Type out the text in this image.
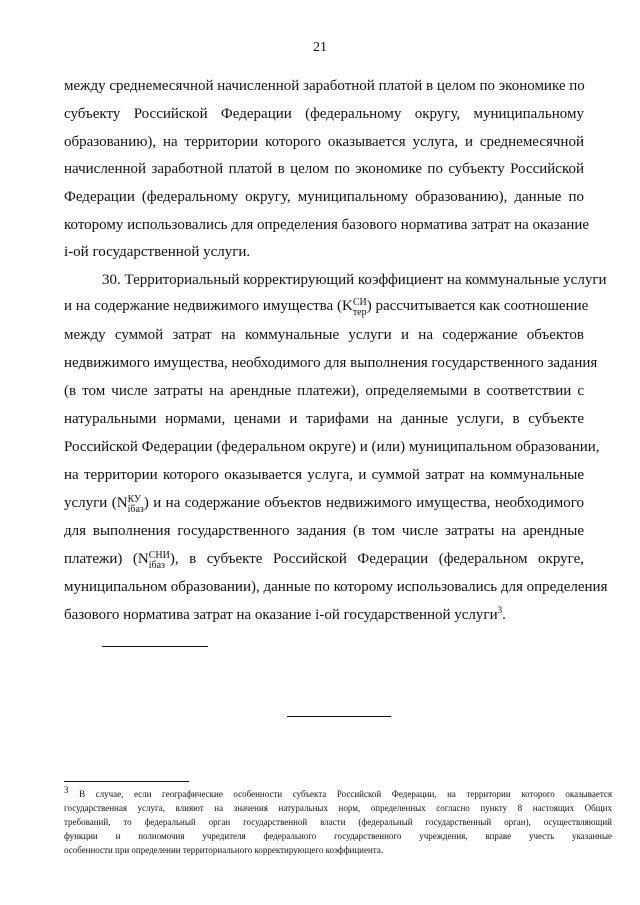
21
между среднемесячной начисленной заработной платой в целом по экономике по
субъекту Российской Федерации (федеральному округу, муниципальному
образованию), на территории которого оказывается услуга, и среднемесячной
начисленной заработной платой в целом по экономике по субъекту Российской
Федерации (федеральному округу, муниципальному образованию), данные по
которому использовались для определения базового норматива затрат на оказание
i-ой государственной услуги.
30. Территориальный корректирующий коэффициент на коммунальные услуги
и на содержание недвижимого имущества (K СИ
тер ) рассчитывается как соотношение
между суммой затрат на коммунальные услуги и на содержание объектов
недвижимого имущества, необходимого для выполнения государственного задания
(в том числе затраты на арендные платежи), определяемыми в соответствии с
натуральными нормами, ценами и тарифами на данные услуги, в субъекте
Российской Федерации (федеральном округе) и (или) муниципальном образовании,
на территории которого оказывается услуга, и суммой затрат на коммунальные
услуги (N КУ
iбаз ) и на содержание объектов недвижимого имущества, необходимого
для выполнения государственного задания (в том числе затраты на арендные
платежи) (N СНИ
iбаз ), в субъекте Российской Федерации (федеральном округе,
муниципальном образовании), данные по которому использовались для определения
базового норматива затрат на оказание i-ой государственной услуги$^3$.
$^3$ В случае, если географические особенности субъекта Российской Федерации, на территории которого оказывается
государственная услуга, влияют на значения натуральных норм, определенных согласно пункту 8 настоящих Общих
требований, то федеральный орган государственной власти (федеральный государственный орган), осуществляющий
функции и полномочия учредителя федерального государственного учреждения, вправе учесть указанные
особенности при определении территориального корректирующего коэффициента.
